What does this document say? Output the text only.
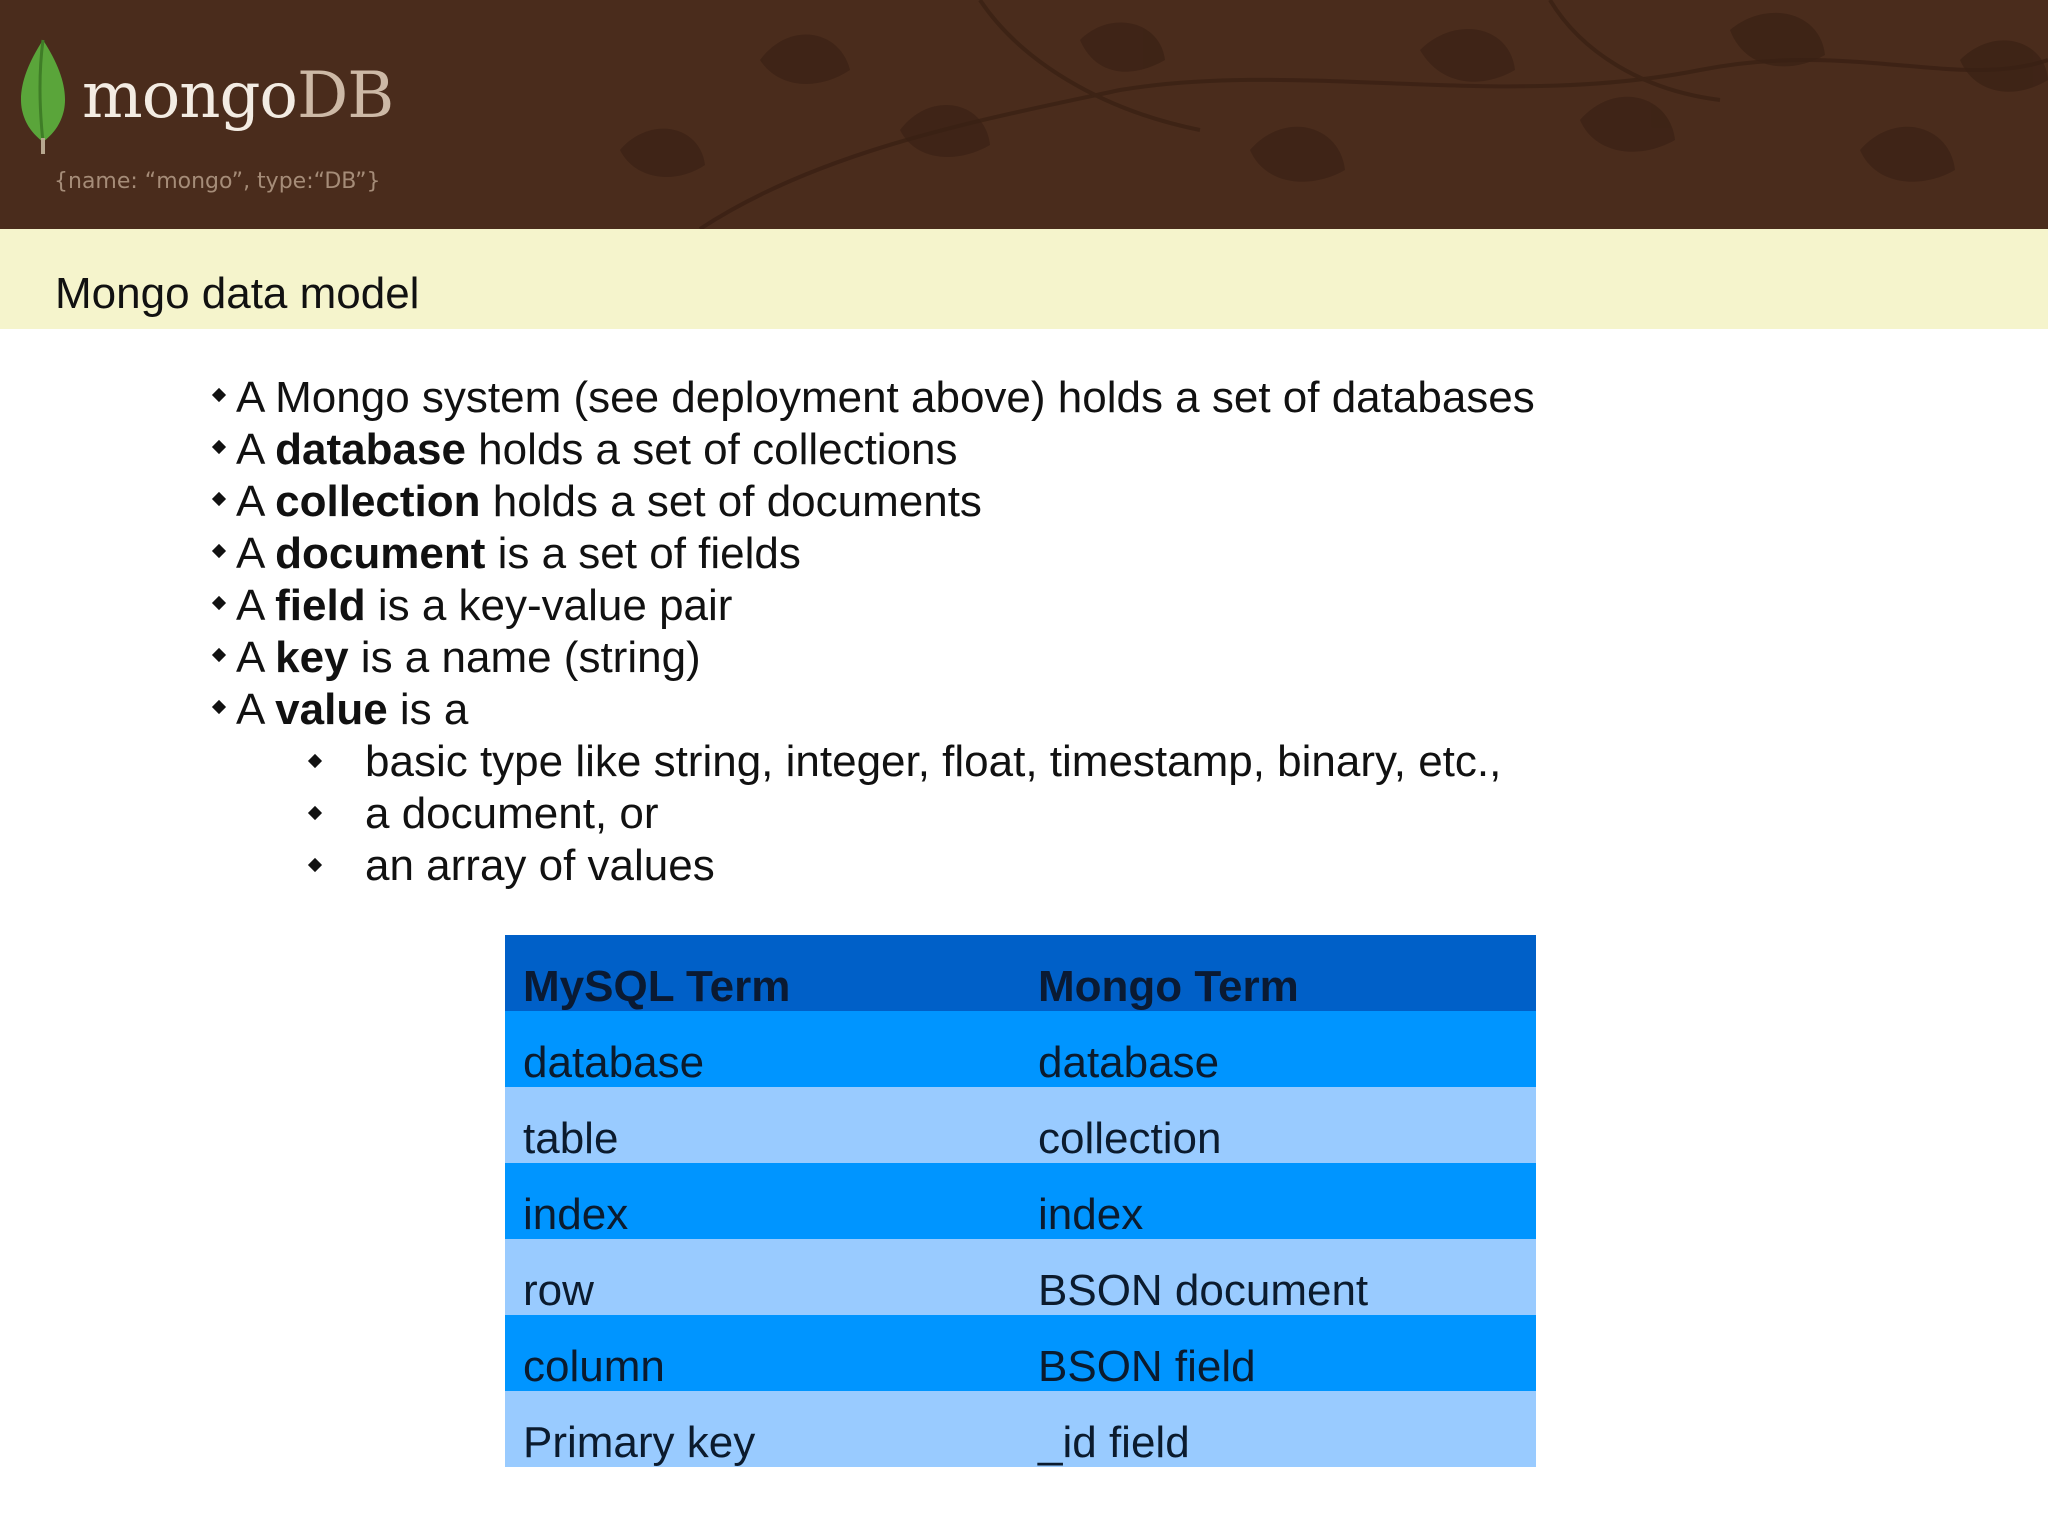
mongoDB
{name: “mongo”, type:“DB”}
Mongo data model
A Mongo system (see deployment above) holds a set of databases
A database holds a set of collections
A collection holds a set of documents
A document is a set of fields
A field is a key-value pair
A key is a name (string)
A value is a
basic type like string, integer, float, timestamp, binary, etc.,
a document, or
an array of values
MySQL Term	Mongo Term

database	database

table	collection

index	index

row	BSON document

column	BSON field

Primary key	_id field
